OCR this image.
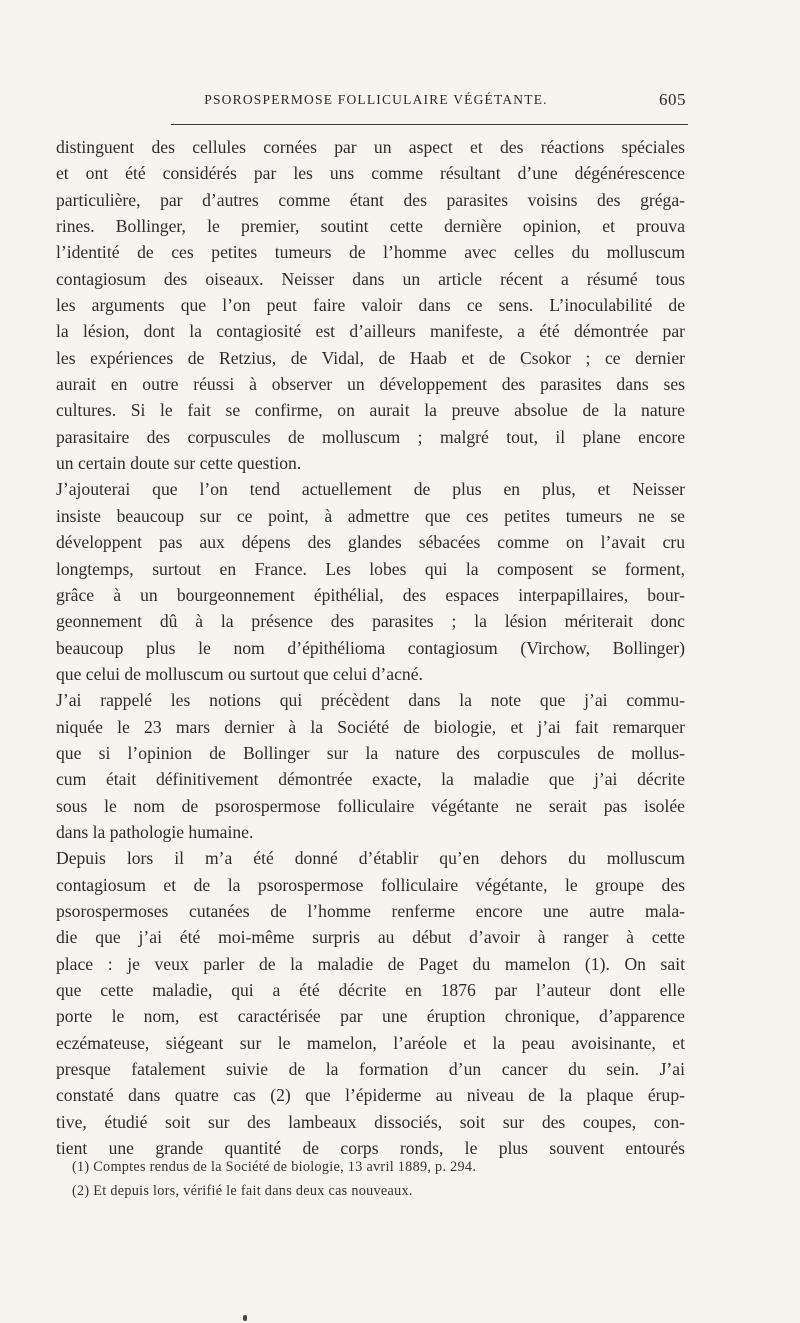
PSOROSPERMOSE FOLLICULAIRE VÉGÉTANTE.	605
distinguent des cellules cornées par un aspect et des réactions spéciales
et ont été considérés par les uns comme résultant d’une dégénérescence
particulière, par d’autres comme étant des parasites voisins des gréga-
rines. Bollinger, le premier, soutint cette dernière opinion, et prouva
l’identité de ces petites tumeurs de l’homme avec celles du molluscum
contagiosum des oiseaux. Neisser dans un article récent a résumé tous
les arguments que l’on peut faire valoir dans ce sens. L’inoculabilité de
la lésion, dont la contagiosité est d’ailleurs manifeste, a été démontrée par
les expériences de Retzius, de Vidal, de Haab et de Csokor ; ce dernier
aurait en outre réussi à observer un développement des parasites dans ses
cultures. Si le fait se confirme, on aurait la preuve absolue de la nature
parasitaire des corpuscules de molluscum ; malgré tout, il plane encore
un certain doute sur cette question.
J’ajouterai que l’on tend actuellement de plus en plus, et Neisser
insiste beaucoup sur ce point, à admettre que ces petites tumeurs ne se
développent pas aux dépens des glandes sébacées comme on l’avait cru
longtemps, surtout en France. Les lobes qui la composent se forment,
grâce à un bourgeonnement épithélial, des espaces interpapillaires, bour-
geonnement dû à la présence des parasites ; la lésion mériterait donc
beaucoup plus le nom d’épithélioma contagiosum (Virchow, Bollinger)
que celui de molluscum ou surtout que celui d’acné.
J’ai rappelé les notions qui précèdent dans la note que j’ai commu-
niquée le 23 mars dernier à la Société de biologie, et j’ai fait remarquer
que si l’opinion de Bollinger sur la nature des corpuscules de mollus-
cum était définitivement démontrée exacte, la maladie que j’ai décrite
sous le nom de psorospermose folliculaire végétante ne serait pas isolée
dans la pathologie humaine.
Depuis lors il m’a été donné d’établir qu’en dehors du molluscum
contagiosum et de la psorospermose folliculaire végétante, le groupe des
psorospermoses cutanées de l’homme renferme encore une autre mala-
die que j’ai été moi-même surpris au début d’avoir à ranger à cette
place : je veux parler de la maladie de Paget du mamelon (1). On sait
que cette maladie, qui a été décrite en 1876 par l’auteur dont elle
porte le nom, est caractérisée par une éruption chronique, d’apparence
eczémateuse, siégeant sur le mamelon, l’aréole et la peau avoisinante, et
presque fatalement suivie de la formation d’un cancer du sein. J’ai
constaté dans quatre cas (2) que l’épiderme au niveau de la plaque érup-
tive, étudié soit sur des lambeaux dissociés, soit sur des coupes, con-
tient une grande quantité de corps ronds, le plus souvent entourés
(1) Comptes rendus de la Société de biologie, 13 avril 1889, p. 294.
(2) Et depuis lors, vérifié le fait dans deux cas nouveaux.
